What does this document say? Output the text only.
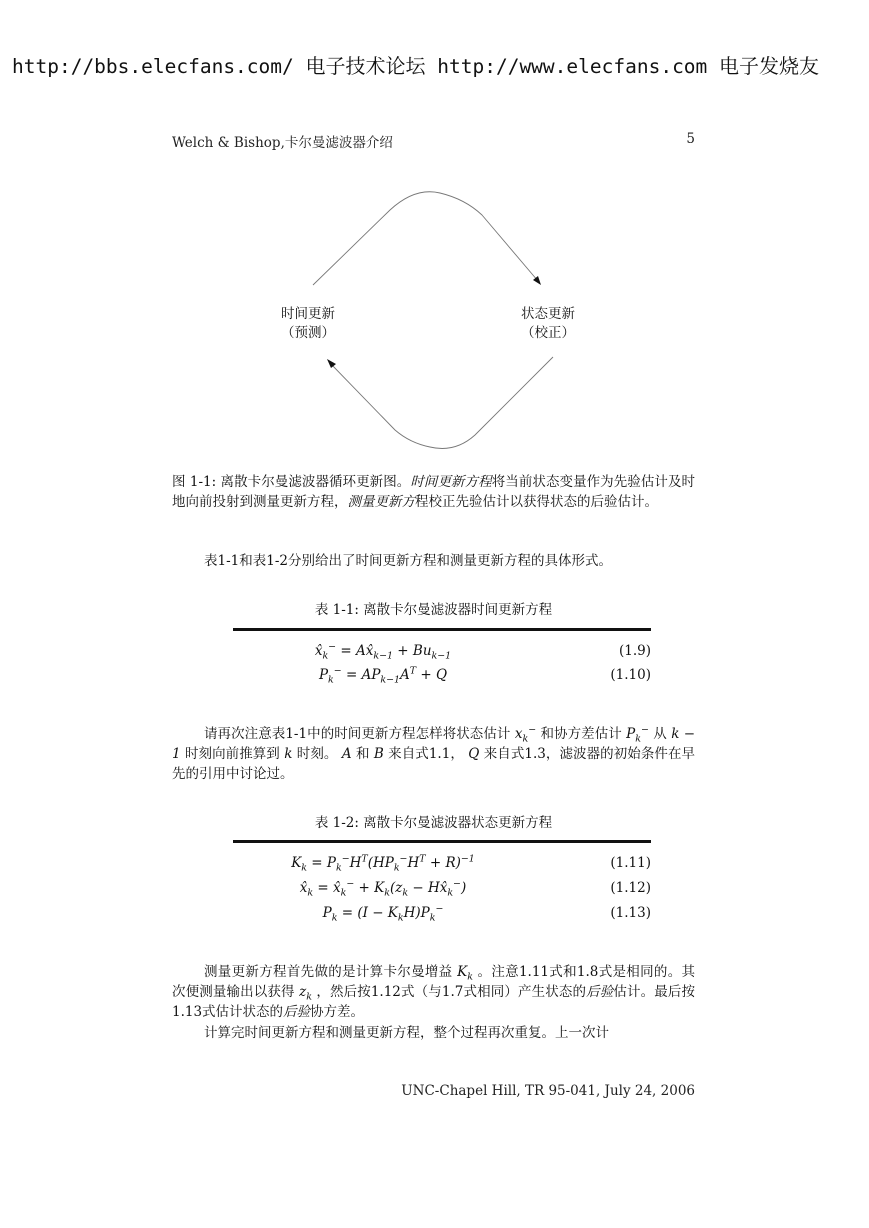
http://bbs.elecfans.com/ 电子技术论坛 http://www.elecfans.com 电子发烧友
Welch & Bishop,卡尔曼滤波器介绍	5
时间更新
（预测）
状态更新
（校正）
图 1-1: 离散卡尔曼滤波器循环更新图。时间更新方程将当前状态变量作为先验估计及时地向前投射到测量更新方程，测量更新方程校正先验估计以获得状态的后验估计。
表1-1和表1-2分别给出了时间更新方程和测量更新方程的具体形式。
表 1-1: 离散卡尔曼滤波器时间更新方程
$x̂_k^-$ = $Ax̂_{k-1} + Bu_{k-1}$	(1.9)
$P_k^- = AP_{k-1}A^T + Q$	(1.10)
请再次注意表1-1中的时间更新方程怎样将状态估计 $x_k^-$ 和协方差估计 $P_k^-$ 从 k − 1 时刻向前推算到 k 时刻。 A 和 B 来自式1.1， Q 来自式1.3，滤波器的初始条件在早先的引用中讨论过。
表 1-2: 离散卡尔曼滤波器状态更新方程
$K_k = P_k^-H^T(HP_k^-H^T + R)^{-1}$	(1.11)
$x̂_k$ = $x̂_k^- + K_k(z_k$ − $Hx̂_k^-$)	(1.12)
$P_k = (I - K_kH)P_k^-$	(1.13)
测量更新方程首先做的是计算卡尔曼增益 $K_k$ 。注意1.11式和1.8式是相同的。其次便测量输出以获得 $z_k$ ，然后按1.12式（与1.7式相同）产生状态的后验估计。最后按1.13式估计状态的后验协方差。
计算完时间更新方程和测量更新方程，整个过程再次重复。上一次计
UNC-Chapel Hill, TR 95-041, July 24, 2006
